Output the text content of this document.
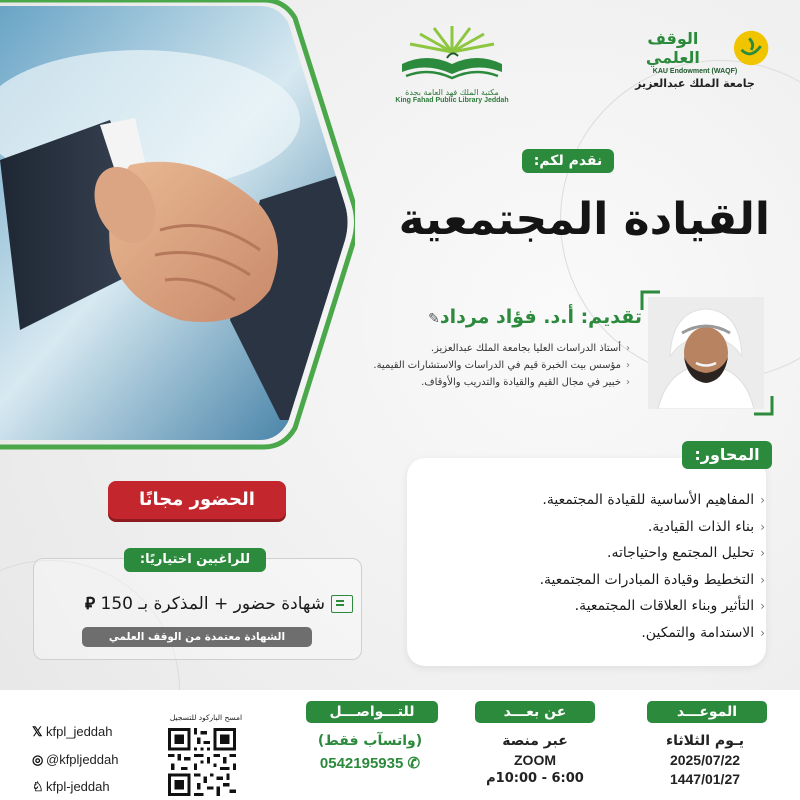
مكتبة الملك فهد العامة بجدة
King Fahad Public Library Jeddah
الوقف العلمي
KAU Endowment (WAQF)
جامعة الملك عبدالعزيز
نقدم لكم:
القيادة المجتمعية
تقديم: أ.د. فؤاد مرداد✎
‹أستاذ الدراسات العليا بجامعة الملك عبدالعزيز.
‹مؤسس بيت الخبرة قيم في الدراسات والاستشارات القيمية.
‹خبير في مجال القيم والقيادة والتدريب والأوقاف.
المحاور:
‹المفاهيم الأساسية للقيادة المجتمعية.
‹بناء الذات القيادية.
‹تحليل المجتمع واحتياجاته.
‹التخطيط وقيادة المبادرات المجتمعية.
‹التأثير وبناء العلاقات المجتمعية.
‹الاستدامة والتمكين.
الحضور مجانًا
للراغبين اختياريًا:
شهادة حضور + المذكرة بـ 150 ⃁
الشهادة معتمدة من الوقف العلمي
الموعـــد
يـوم الثلاثاء
2025/07/22
1447/01/27
عن بعـــد
عبر منصة
ZOOM
6:00 - 10:00م
للتـــواصـــل
(واتسآب فقط)
0542195935 ✆
امسح الباركود للتسجيل
𝕏 kfpl_jeddah
◎ @kfpljeddah
♘ kfpl-jeddah
